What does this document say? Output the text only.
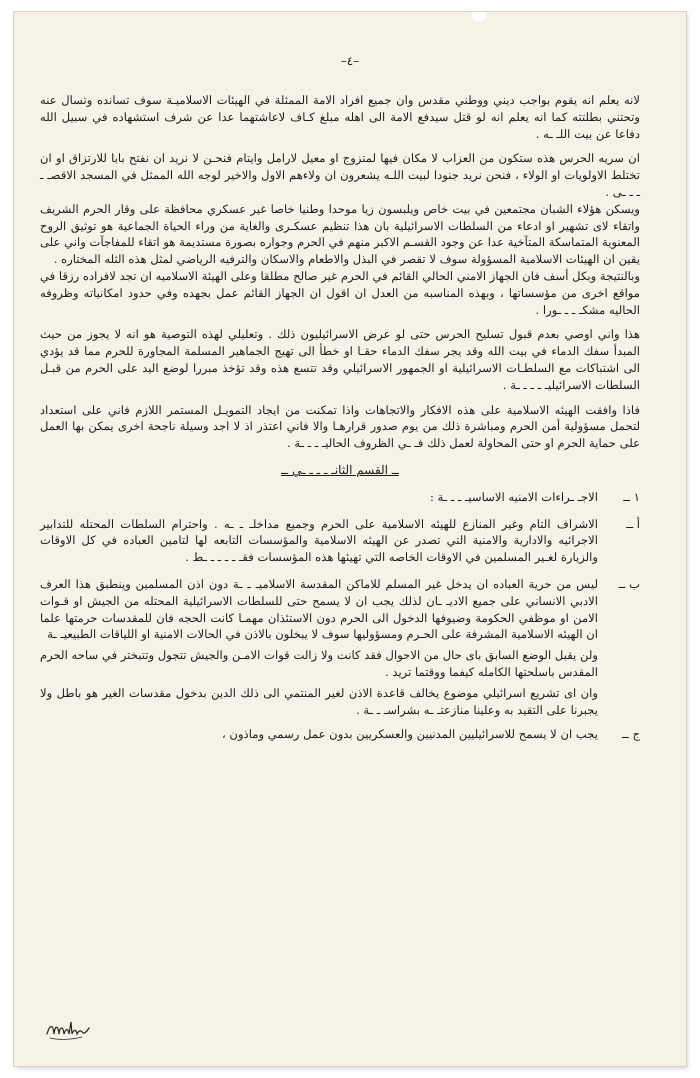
–٤–

لانه يعلم انه يقوم بواجب ديني ووطني مقدس وان جميع افراد الامة الممثلة في الهيئات الاسلاميـة سوف تسانده وتسال عنه وتحتني بطلتته كما انه يعلم انه لو قتل سيدفع الامة الى اهله مبلغ كـاف لاعاشتهما عدا عن شرف استشهاده في سبيل الله دفاعا عن بيت اللـ ـه .

ان سريه الحرس هذه ستكون من العزاب لا مكان فيها لمتزوج او معيل لارامل وايتام فنحـن لا نريد ان نفتح بابا للارتزاق او ان تختلط الاولويات او الولاء ، فنحن نريد جنودا لبيت اللـه يشعرون ان ولاءهم الاول والاخير لوجه الله الممثل في المسجد الاقصـ ـ ـ ـ ـى .

ويسكن هؤلاء الشبان مجتمعين في بيت خاص ويلبسون زيا موحدا وطنيا خاصا غير عسكري محافظة على وقار الحرم الشريف واتقاء لاى تشهير او ادعاء من السلطات الاسرائيلية بان هذا تنظيم عسكـرى والغاية من وراء الحياة الجماعية هو توثيق الروح المعنوية المتماسكة المتآخية عدا عن وجود القسـم الاكبر منهم في الحرم وجواره بصورة مستديمة هو اتقاء للمفاجآت واني على يقين ان الهيئات الاسلامية المسؤولة سوف لا تقصر في البذل والاطعام والاسكان والترفيه الرياضي لمثل هذه الثله المختاره .

وبالنتيجة وبكل أسف فان الجهاز الامني الحالي القائم في الحرم غير صالح مطلقا وعلى الهيئة الاسلاميه ان تجد لافراده رزقا في مواقع اخرى من مؤسساتها ، وبهذه المناسبه من العدل ان اقول ان الجهاز القائم عمل بجهده وفي حدود امكانياته وظروفه الحاليه مشكـ ـ ـ ـورا .

هذا واني اوصي بعدم قبول تسليح الحرس حتى لو عرض الاسرائيليون ذلك . وتعليلي لهذه التوصية هو انه لا يجوز من حيث المبدأ سفك الدماء في بيت الله وقد يجر سفك الدماء حقـا او خطأ الى تهيج الجماهير المسلمة المجاورة للحرم مما قد يؤدي الى اشتباكات مع السلطـات الاسرائيلية او الجمهور الاسرائيلي وقد تتسع هذه وقد تؤخذ مبررا لوضع اليد على الحرم من قبـل السلطات الاسرائيليـ ـ ـ ـ ـة .

فاذا وافقت الهيئه الاسلامية على هذه الافكار والاتجاهات واذا تمكنت من ايجاد التمويـل المستمر اللازم فاني على استعداد لتحمل مسؤولية أمن الحرم ومباشرة ذلك من يوم صدور قرارهـا والا فاني اعتذر اذ لا اجد وسيلة ناجحة اخرى يمكن بها العمل على حماية الحرم او حتى المحاولة لعمل ذلك فـ ـي الظروف الحاليـ ـ ـ ـة .

ــ القسم الثانـ ـ ـ ـ ـي ــ
١ ــ
الاجـ ـراءات الامنيه الاساسيـ ـ ـ ـة :
أ ــ

الاشراف التام وغير المنازع للهيئه الاسلامية على الحرم وجميع مداخلـ ـ ـه . واحترام السلطات المحتله للتدابير الاجرائيه والادارية والامنية التي تصدر عن الهيئه الاسلامية والمؤسسات التابعه لها لتامين العباده في كل الاوقات والزيارة لغـير المسلمين في الاوقات الخاصه التي تهيئها هذه المؤسسات فقـ ـ ـ ـ ـ ـط .

ب ــ

ليس من حرية العباده ان يدخل غير المسلم للاماكن المقدسة الاسلاميـ ـ ـة دون اذن المسلمين وينطبق هذا العرف الادبي الانساني على جميع الاديـ ـان لذلك يجب ان لا يسمح حتى للسلطات الاسرائيلية المحتله من الجيش او قـوات الامن او موظفي الحكومة وضيوفها الدخول الى الحرم دون الاستئذان مهمـا كانت الحجه فان للمقدسات حرمتها علما ان الهيئه الاسلامية المشرفة على الحـرم ومسؤوليها سوف لا يبخلون بالاذن في الحالات الامنية او اللياقات الطبيعيـ ـة

ولن يقبل الوضع السابق باى حال من الاحوال فقد كانت ولا زالت قوات الامـن والجيش تتجول وتتبختر في ساحه الحرم المقدس باسلحتها الكامله كيفما ووقتما تريد .

وان اى تشريع اسرائيلي موضوع يخالف قاعدة الاذن لغير المنتمي الى ذلك الدين بدخول مقدسات الغير هو باطل ولا يجبرنا على التقيد به وعلينا منازعتـ ـه بشراسـ ـ ـة .

ج ــ

يجب ان لا يسمح للاسرائيليين المدنيين والعسكريين بدون عمل رسمي وماذون ،
